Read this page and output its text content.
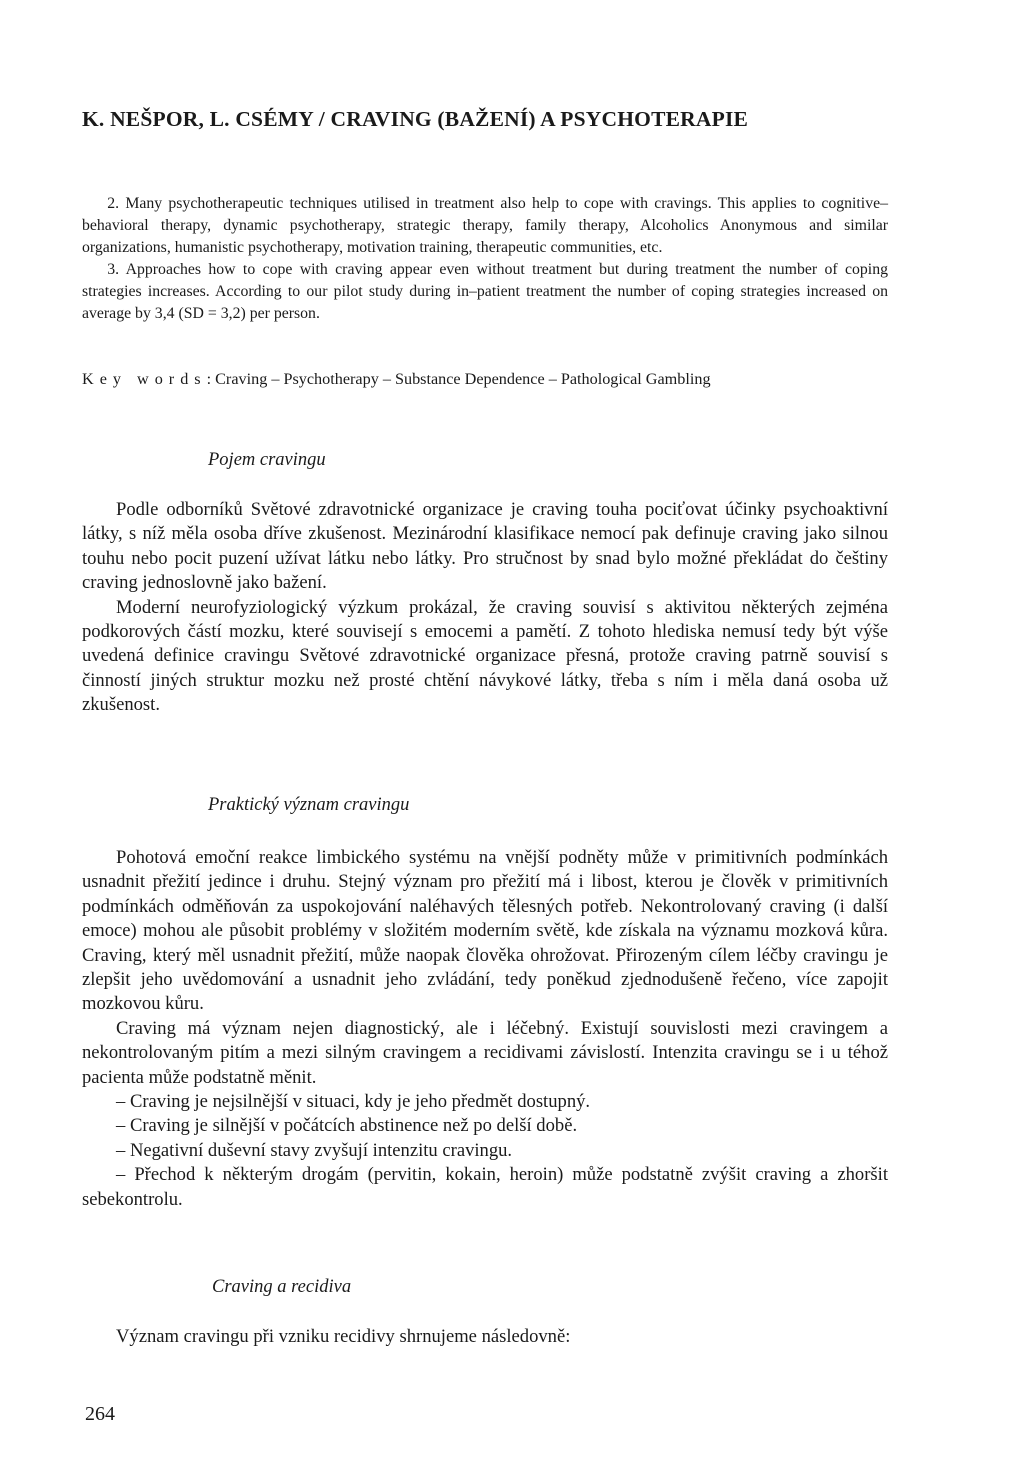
K. NEŠPOR, L. CSÉMY / CRAVING (BAŽENÍ) A PSYCHOTERAPIE

2. Many psychotherapeutic techniques utilised in treatment also help to cope with cravings. This applies to cognitive–behavioral therapy, dynamic psychotherapy, strategic therapy, family therapy, Alcoholics Anonymous and similar organizations, humanistic psychotherapy, motivation training, therapeutic communities, etc.

3. Approaches how to cope with craving appear even without treatment but during treatment the number of coping strategies increases. According to our pilot study during in–patient treatment the number of coping strategies increased on average by 3,4 (SD = 3,2) per person.

Key words: Craving – Psychotherapy – Substance Dependence – Pathological Gambling
Pojem cravingu

Podle odborníků Světové zdravotnické organizace je craving touha pociťovat účinky psychoaktivní látky, s níž měla osoba dříve zkušenost. Mezinárodní klasifikace nemocí pak definuje craving jako silnou touhu nebo pocit puzení užívat látku nebo látky. Pro stručnost by snad bylo možné překládat do češtiny craving jednoslovně jako bažení.

Moderní neurofyziologický výzkum prokázal, že craving souvisí s aktivitou některých zejména podkorových částí mozku, které souvisejí s emocemi a pamětí. Z tohoto hlediska nemusí tedy být výše uvedená definice cravingu Světové zdravotnické organizace přesná, protože craving patrně souvisí s činností jiných struktur mozku než prosté chtění návykové látky, třeba s ním i měla daná osoba už zkušenost.

Praktický význam cravingu

Pohotová emoční reakce limbického systému na vnější podněty může v primitivních podmínkách usnadnit přežití jedince i druhu. Stejný význam pro přežití má i libost, kterou je člověk v primitivních podmínkách odměňován za uspokojování naléhavých tělesných potřeb. Nekontrolovaný craving (i další emoce) mohou ale působit problémy v složitém moderním světě, kde získala na významu mozková kůra. Craving, který měl usnadnit přežití, může naopak člověka ohrožovat. Přirozeným cílem léčby cravingu je zlepšit jeho uvědomování a usnadnit jeho zvládání, tedy poněkud zjednodušeně řečeno, více zapojit mozkovou kůru.

Craving má význam nejen diagnostický, ale i léčebný. Existují souvislosti mezi cravingem a nekontrolovaným pitím a mezi silným cravingem a recidivami závislostí. Intenzita cravingu se i u téhož pacienta může podstatně měnit.

– Craving je nejsilnější v situaci, kdy je jeho předmět dostupný.

– Craving je silnější v počátcích abstinence než po delší době.

– Negativní duševní stavy zvyšují intenzitu cravingu.

– Přechod k některým drogám (pervitin, kokain, heroin) může podstatně zvýšit craving a zhoršit sebekontrolu.

Craving a recidiva

Význam cravingu při vzniku recidivy shrnujeme následovně:

264
